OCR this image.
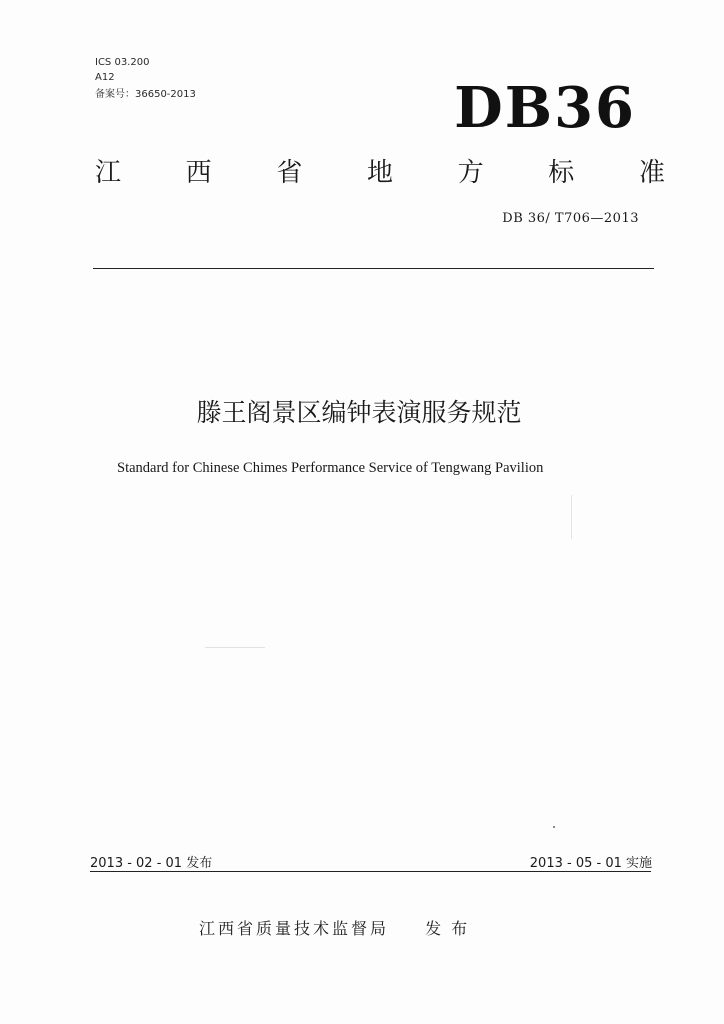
ICS 03.200
A12
备案号：36650-2013	DB36
江 西 省 地 方 标 准
DB 36/ T706—2013
滕王阁景区编钟表演服务规范
Standard for Chinese Chimes Performance Service of Tengwang Pavilion
2013 - 02 - 01 发布	2013 - 05 - 01 实施
江西省质量技术监督局 发布
